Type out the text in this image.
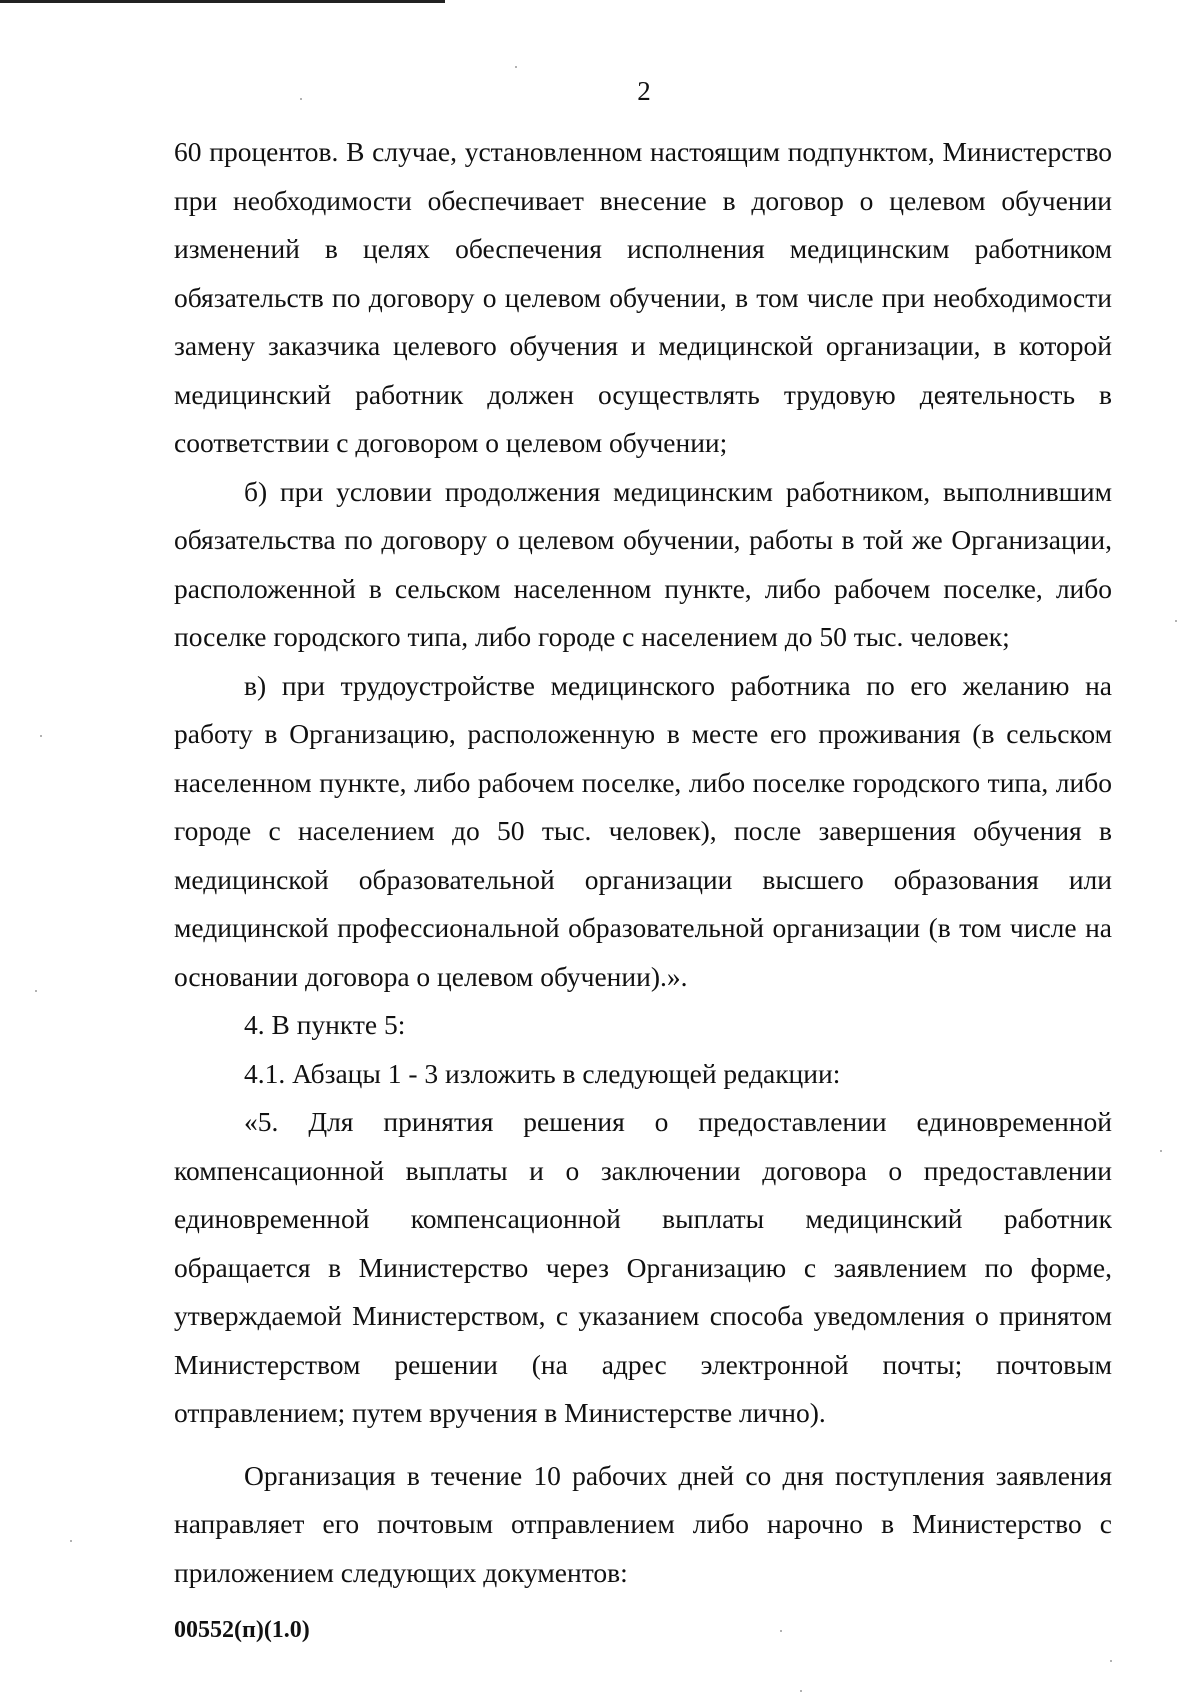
2

60 процентов. В случае, установленном настоящим подпунктом, Министерство при необходимости обеспечивает внесение в договор о целевом обучении изменений в целях обеспечения исполнения медицинским работником обязательств по договору о целевом обучении, в том числе при необходимости замену заказчика целевого обучения и медицинской организации, в которой медицинский работник должен осуществлять трудовую деятельность в соответствии с договором о целевом обучении;

б) при условии продолжения медицинским работником, выполнившим обязательства по договору о целевом обучении, работы в той же Организации, расположенной в сельском населенном пункте, либо рабочем поселке, либо поселке городского типа, либо городе с населением до 50 тыс. человек;

в) при трудоустройстве медицинского работника по его желанию на работу в Организацию, расположенную в месте его проживания (в сельском населенном пункте, либо рабочем поселке, либо поселке городского типа, либо городе с населением до 50 тыс. человек), после завершения обучения в медицинской образовательной организации высшего образования или медицинской профессиональной образовательной организации (в том числе на основании договора о целевом обучении).».

4. В пункте 5:

4.1. Абзацы 1 - 3 изложить в следующей редакции:

«5. Для принятия решения о предоставлении единовременной компенсационной выплаты и о заключении договора о предоставлении единовременной компенсационной выплаты медицинский работник обращается в Министерство через Организацию с заявлением по форме, утверждаемой Министерством, с указанием способа уведомления о принятом Министерством решении (на адрес электронной почты; почтовым отправлением; путем вручения в Министерстве лично).

Организация в течение 10 рабочих дней со дня поступления заявления направляет его почтовым отправлением либо нарочно в Министерство с приложением следующих документов:

00552(п)(1.0)
